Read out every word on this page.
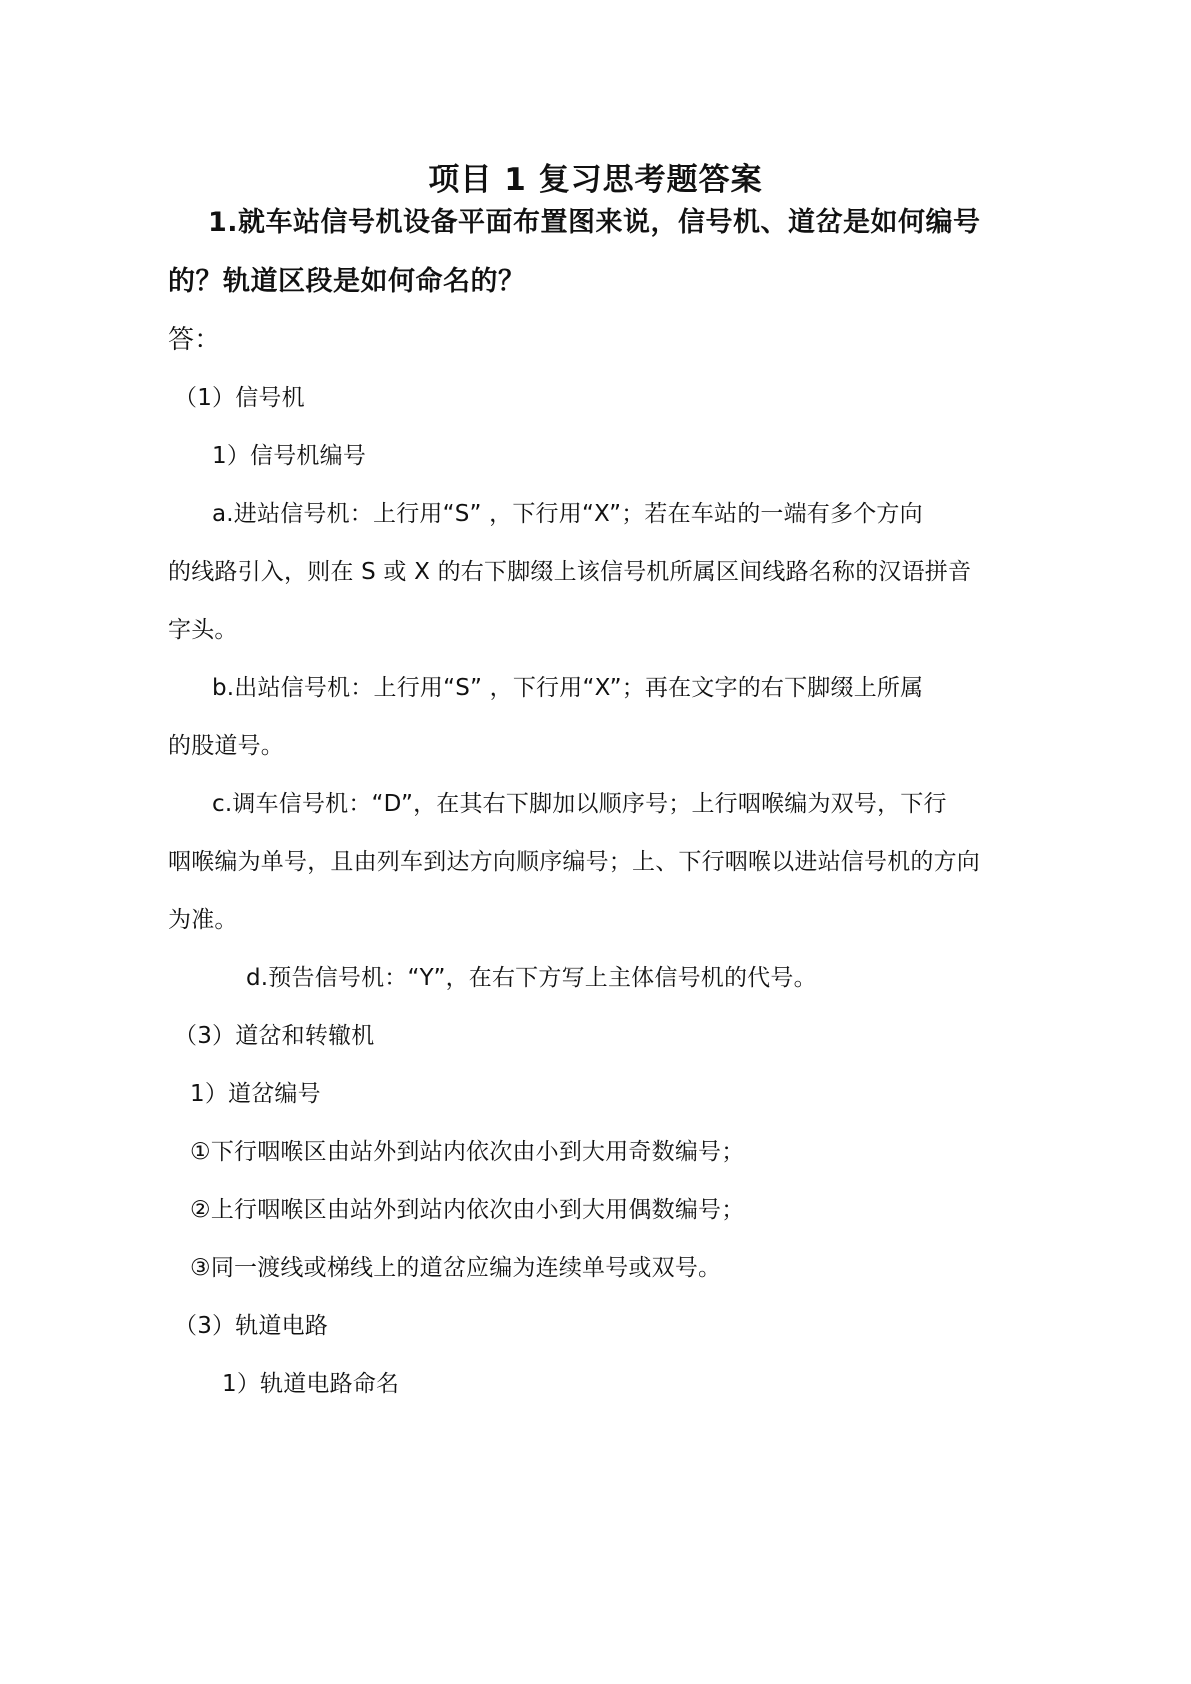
项目 1 复习思考题答案
1.就车站信号机设备平面布置图来说，信号机、道岔是如何编号
的？轨道区段是如何命名的？
答：
（1）信号机
1）信号机编号
a.进站信号机：上行用“S” ，下行用“X”；若在车站的一端有多个方向
的线路引入，则在 S 或 X 的右下脚缀上该信号机所属区间线路名称的汉语拼音
字头。
b.出站信号机：上行用“S” ，下行用“X”；再在文字的右下脚缀上所属
的股道号。
c.调车信号机：“D”，在其右下脚加以顺序号；上行咽喉编为双号，下行
咽喉编为单号，且由列车到达方向顺序编号；上、下行咽喉以进站信号机的方向
为准。
d.预告信号机：“Y”，在右下方写上主体信号机的代号。
（3）道岔和转辙机
1）道岔编号
①下行咽喉区由站外到站内依次由小到大用奇数编号；
②上行咽喉区由站外到站内依次由小到大用偶数编号；
③同一渡线或梯线上的道岔应编为连续单号或双号。
（3）轨道电路
1）轨道电路命名
